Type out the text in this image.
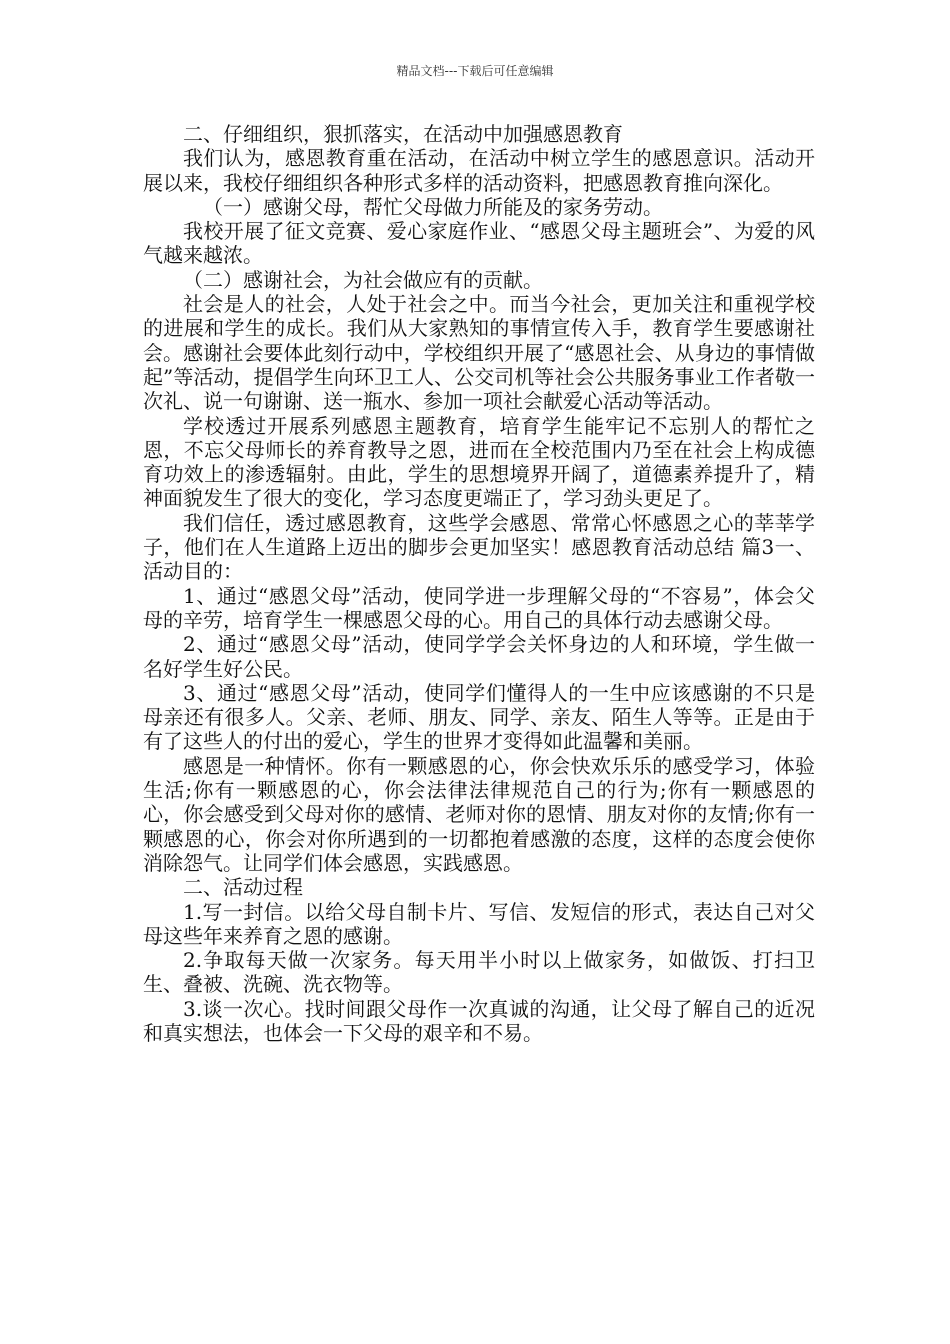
精品文档---下载后可任意编辑

二、仔细组织，狠抓落实，在活动中加强感恩教育

我们认为，感恩教育重在活动，在活动中树立学生的感恩意识。活动开展以来，我校仔细组织各种形式多样的活动资料，把感恩教育推向深化。

（一）感谢父母，帮忙父母做力所能及的家务劳动。

我校开展了征文竞赛、爱心家庭作业、“感恩父母主题班会”、为爱的风气越来越浓。

（二）感谢社会，为社会做应有的贡献。

社会是人的社会，人处于社会之中。而当今社会，更加关注和重视学校的进展和学生的成长。我们从大家熟知的事情宣传入手，教育学生要感谢社会。感谢社会要体此刻行动中，学校组织开展了“感恩社会、从身边的事情做起”等活动，提倡学生向环卫工人、公交司机等社会公共服务事业工作者敬一次礼、说一句谢谢、送一瓶水、参加一项社会献爱心活动等活动。

学校透过开展系列感恩主题教育，培育学生能牢记不忘别人的帮忙之恩，不忘父母师长的养育教导之恩，进而在全校范围内乃至在社会上构成德育功效上的渗透辐射。由此，学生的思想境界开阔了，道德素养提升了，精神面貌发生了很大的变化，学习态度更端正了，学习劲头更足了。

我们信任，透过感恩教育，这些学会感恩、常常心怀感恩之心的莘莘学子，他们在人生道路上迈出的脚步会更加坚实！感恩教育活动总结 篇3一、活动目的：

1、通过“感恩父母”活动，使同学进一步理解父母的“不容易”，体会父母的辛劳，培育学生一棵感恩父母的心。用自己的具体行动去感谢父母。

2、通过“感恩父母”活动，使同学学会关怀身边的人和环境，学生做一名好学生好公民。

3、通过“感恩父母”活动，使同学们懂得人的一生中应该感谢的不只是母亲还有很多人。父亲、老师、朋友、同学、亲友、陌生人等等。正是由于有了这些人的付出的爱心，学生的世界才变得如此温馨和美丽。

感恩是一种情怀。你有一颗感恩的心，你会快欢乐乐的感受学习，体验生活;你有一颗感恩的心，你会法律法律规范自己的行为;你有一颗感恩的心，你会感受到父母对你的感情、老师对你的恩情、朋友对你的友情;你有一颗感恩的心，你会对你所遇到的一切都抱着感激的态度，这样的态度会使你消除怨气。让同学们体会感恩，实践感恩。

二、活动过程

1.写一封信。以给父母自制卡片、写信、发短信的形式，表达自己对父母这些年来养育之恩的感谢。

2.争取每天做一次家务。每天用半小时以上做家务，如做饭、打扫卫生、叠被、洗碗、洗衣物等。

3.谈一次心。找时间跟父母作一次真诚的沟通，让父母了解自己的近况和真实想法，也体会一下父母的艰辛和不易。
